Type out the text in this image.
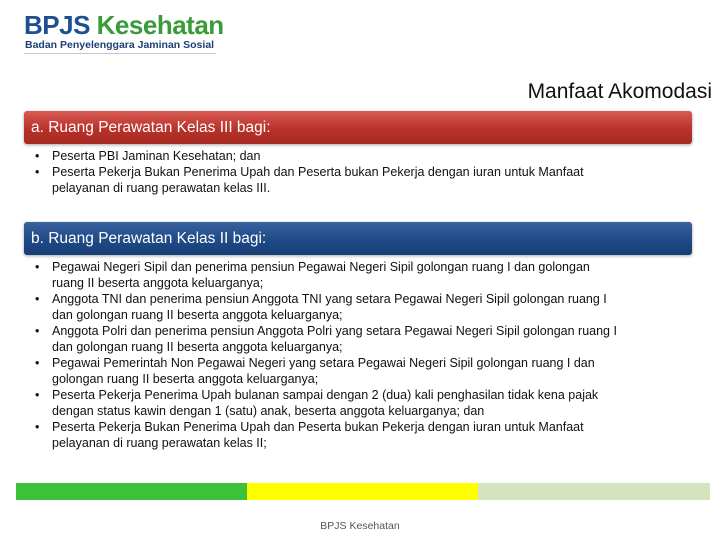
BPJS Kesehatan
Badan Penyelenggara Jaminan Sosial
Manfaat Akomodasi
a. Ruang Perawatan Kelas III bagi:
• Peserta PBI Jaminan Kesehatan; dan
• Peserta Pekerja Bukan Penerima Upah dan Peserta bukan Pekerja dengan iuran untuk Manfaat
pelayanan di ruang perawatan kelas III.
b. Ruang Perawatan Kelas II bagi:
• Pegawai Negeri Sipil dan penerima pensiun Pegawai Negeri Sipil golongan ruang I dan golongan
ruang II beserta anggota keluarganya;
• Anggota TNI dan penerima pensiun Anggota TNI yang setara Pegawai Negeri Sipil golongan ruang I
dan golongan ruang II beserta anggota keluarganya;
• Anggota Polri dan penerima pensiun Anggota Polri yang setara Pegawai Negeri Sipil golongan ruang I
dan golongan ruang II beserta anggota keluarganya;
• Pegawai Pemerintah Non Pegawai Negeri yang setara Pegawai Negeri Sipil golongan ruang I dan
golongan ruang II beserta anggota keluarganya;
• Peserta Pekerja Penerima Upah bulanan sampai dengan 2 (dua) kali penghasilan tidak kena pajak
dengan status kawin dengan 1 (satu) anak, beserta anggota keluarganya; dan
• Peserta Pekerja Bukan Penerima Upah dan Peserta bukan Pekerja dengan iuran untuk Manfaat
pelayanan di ruang perawatan kelas II;
BPJS Kesehatan
